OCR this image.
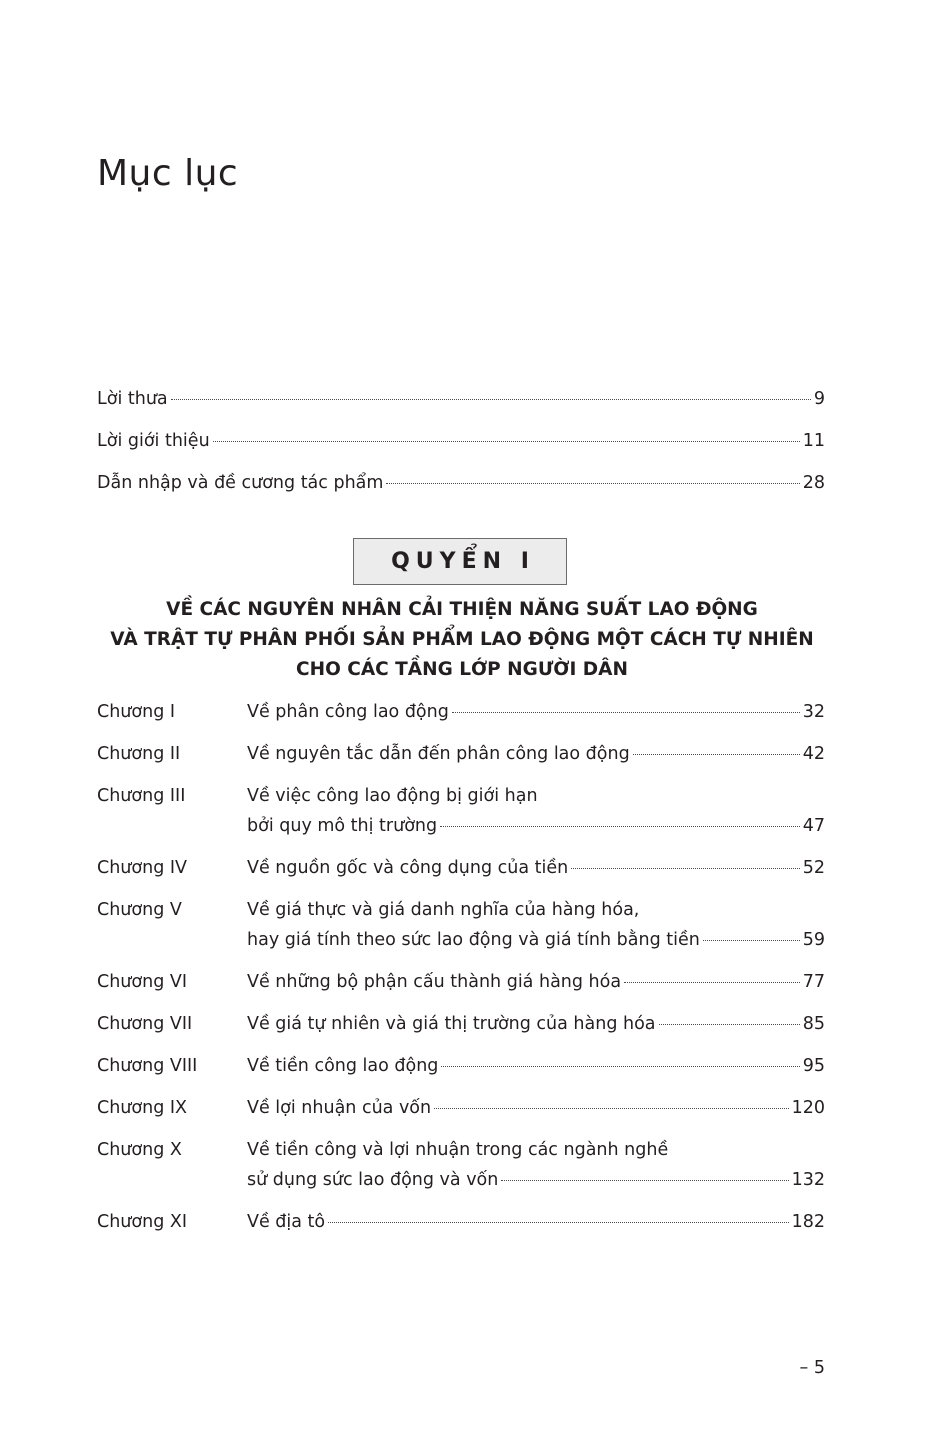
Mục lục
Lời thưa	9
Lời giới thiệu	11
Dẫn nhập và đề cương tác phẩm	28
QUYỂN I
VỀ CÁC NGUYÊN NHÂN CẢI THIỆN NĂNG SUẤT LAO ĐỘNG
VÀ TRẬT TỰ PHÂN PHỐI SẢN PHẨM LAO ĐỘNG MỘT CÁCH TỰ NHIÊN
CHO CÁC TẦNG LỚP NGƯỜI DÂN
Chương I	Về phân công lao động	32
Chương II	Về nguyên tắc dẫn đến phân công lao động	42
Chương III	Về việc công lao động bị giới hạn
bởi quy mô thị trường	47
Chương IV	Về nguồn gốc và công dụng của tiền	52
Chương V	Về giá thực và giá danh nghĩa của hàng hóa,
hay giá tính theo sức lao động và giá tính bằng tiền	59
Chương VI	Về những bộ phận cấu thành giá hàng hóa	77
Chương VII	Về giá tự nhiên và giá thị trường của hàng hóa	85
Chương VIII	Về tiền công lao động	95
Chương IX	Về lợi nhuận của vốn	120
Chương X	Về tiền công và lợi nhuận trong các ngành nghề
sử dụng sức lao động và vốn	132
Chương XI	Về địa tô	182
– 5
